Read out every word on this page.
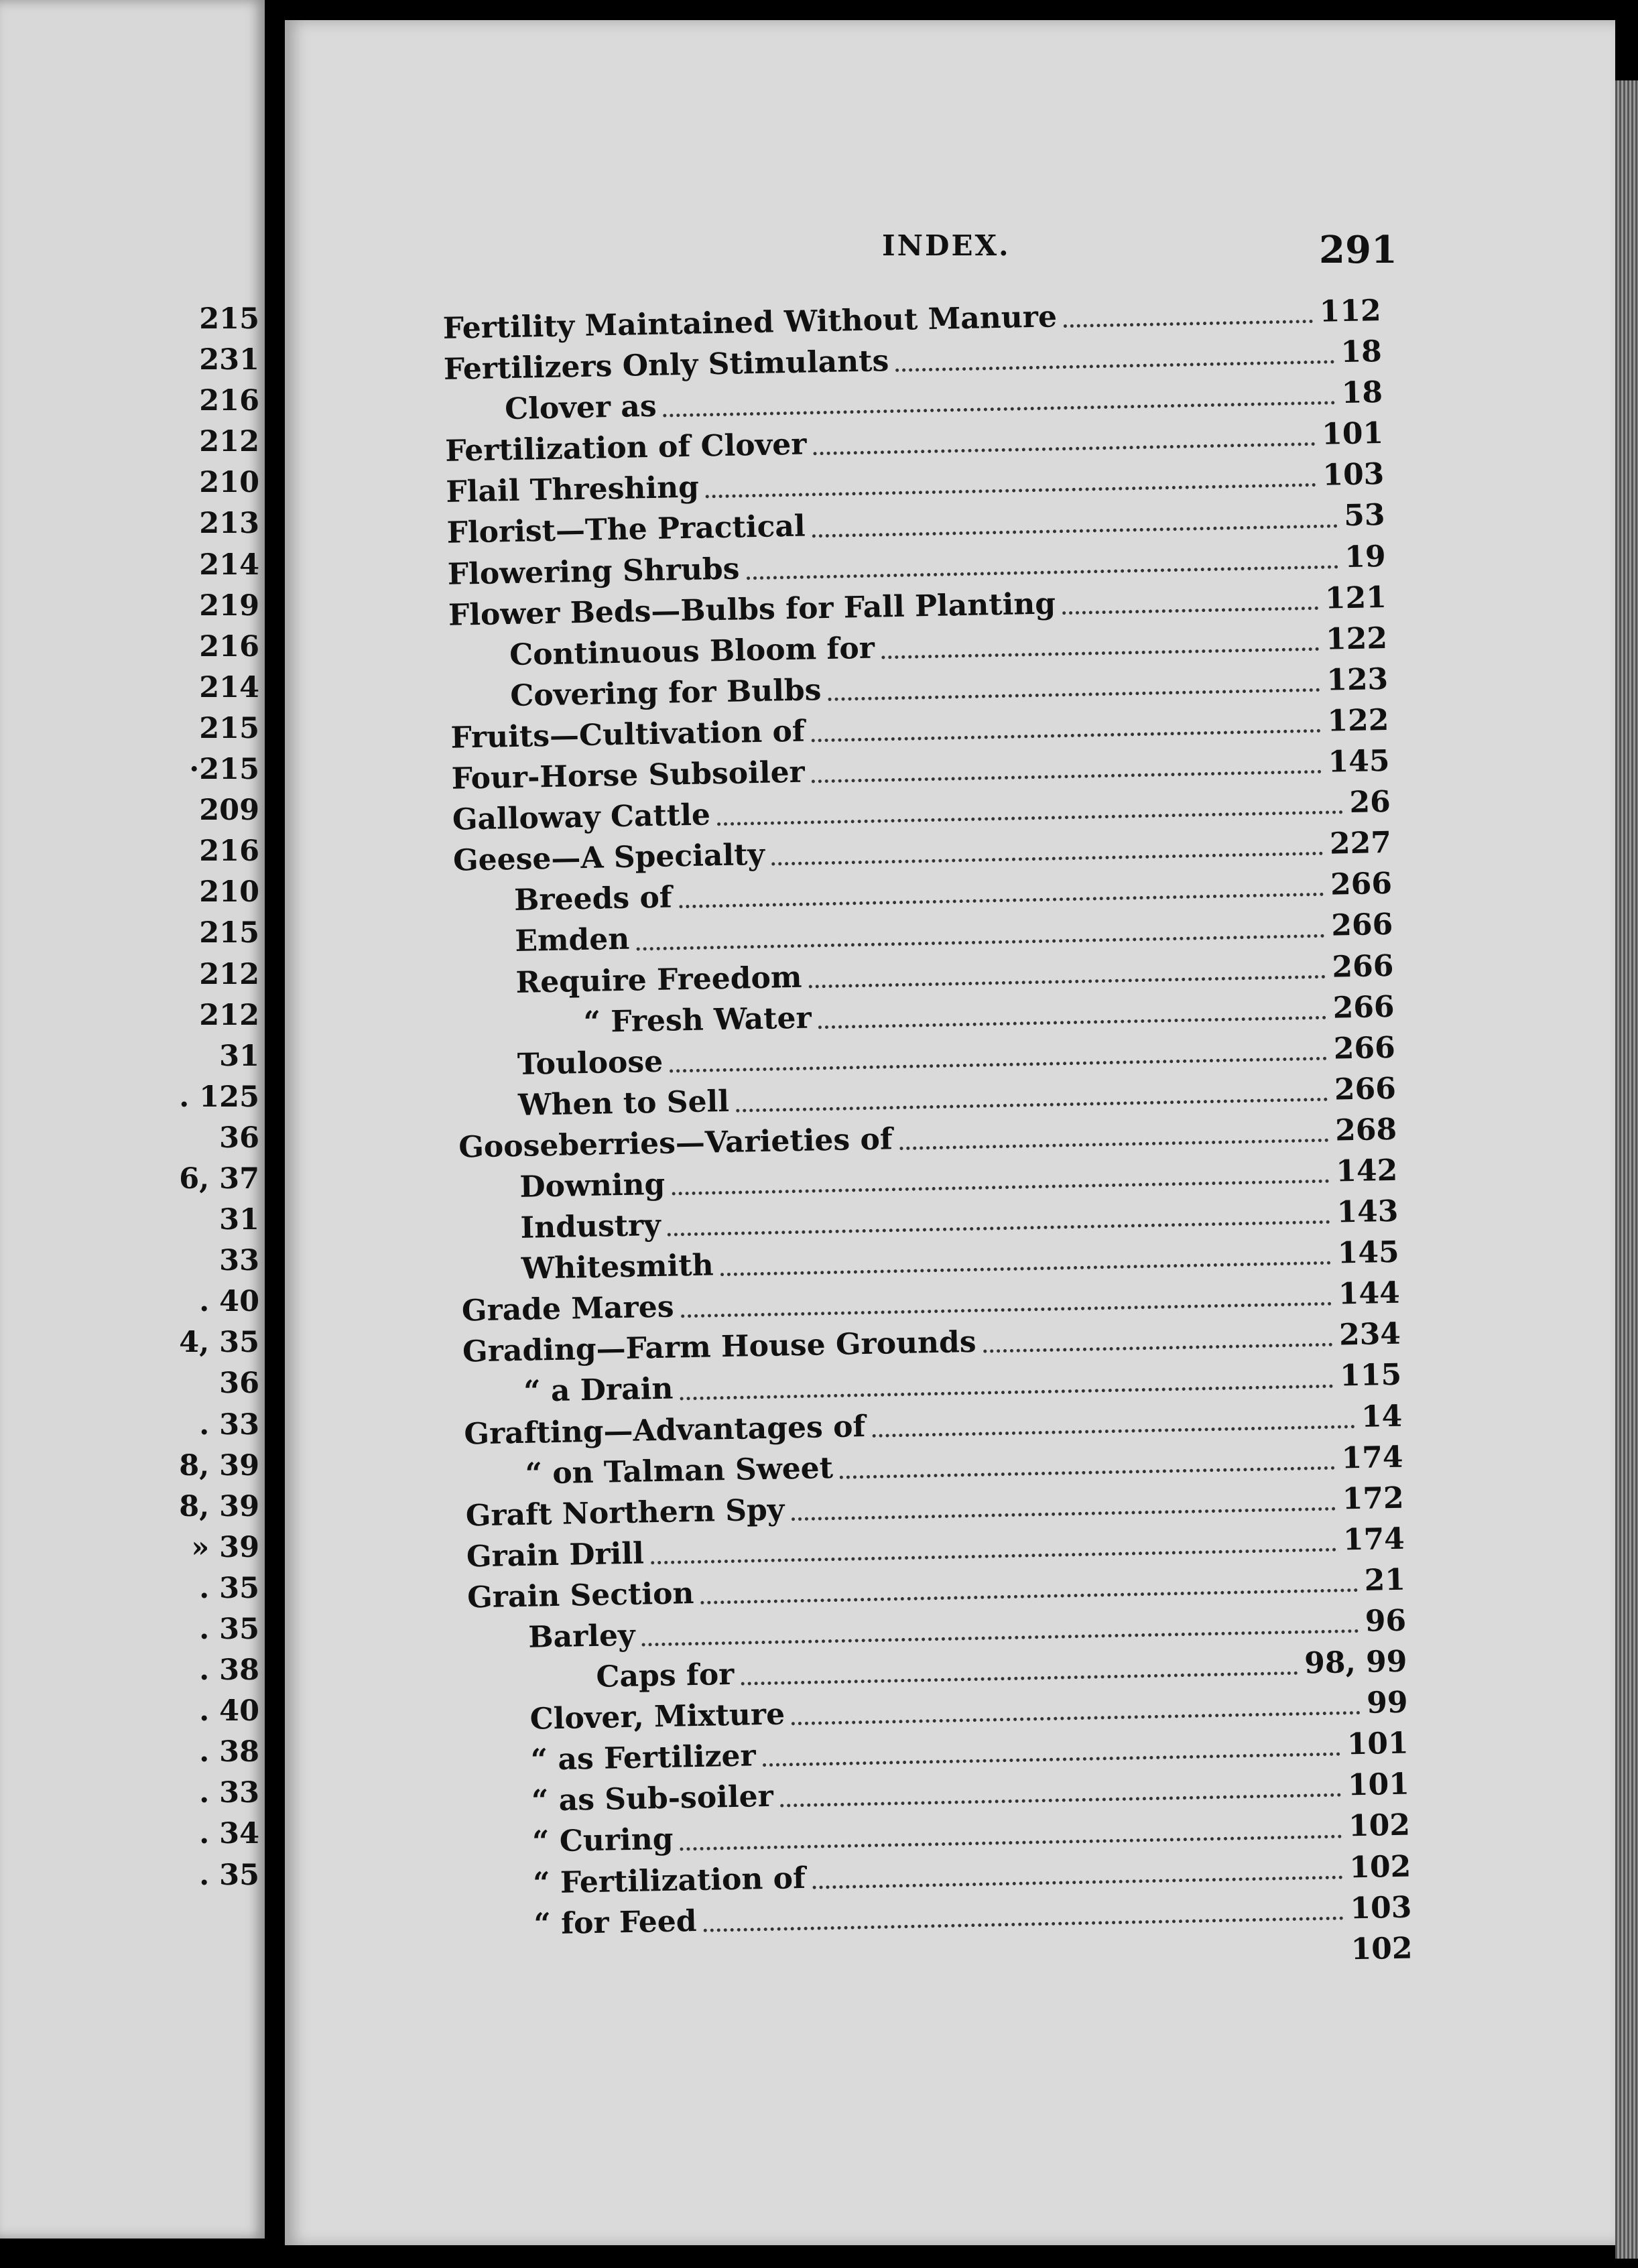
215
231
216
212
210
213
214
219
216
214
215
·215
209
216
210
215
212
212
31
. 125
36
6, 37
31
33
. 40
4, 35
36
. 33
8, 39
8, 39
» 39
. 35
. 35
. 38
. 40
. 38
. 33
. 34
. 35
INDEX.	291
Fertility Maintained Without Manure	112
Fertilizers Only Stimulants	18
Clover as	18
Fertilization of Clover	101
Flail Threshing	103
Florist—The Practical	53
Flowering Shrubs	19
Flower Beds—Bulbs for Fall Planting	121
Continuous Bloom for	122
Covering for Bulbs	123
Fruits—Cultivation of	122
Four-Horse Subsoiler	145
Galloway Cattle	26
Geese—A Specialty	227
Breeds of	266
Emden	266
Require Freedom	266
“ Fresh Water	266
Touloose	266
When to Sell	266
Gooseberries—Varieties of	268
Downing	142
Industry	143
Whitesmith	145
Grade Mares	144
Grading—Farm House Grounds	234
“ a Drain	115
Grafting—Advantages of	14
“ on Talman Sweet	174
Graft Northern Spy	172
Grain Drill	174
Grain Section	21
Barley	96
Caps for	98, 99
Clover, Mixture	99
“ as Fertilizer	101
“ as Sub-soiler	101
“ Curing	102
“ Fertilization of	102
“ for Feed	103
102
